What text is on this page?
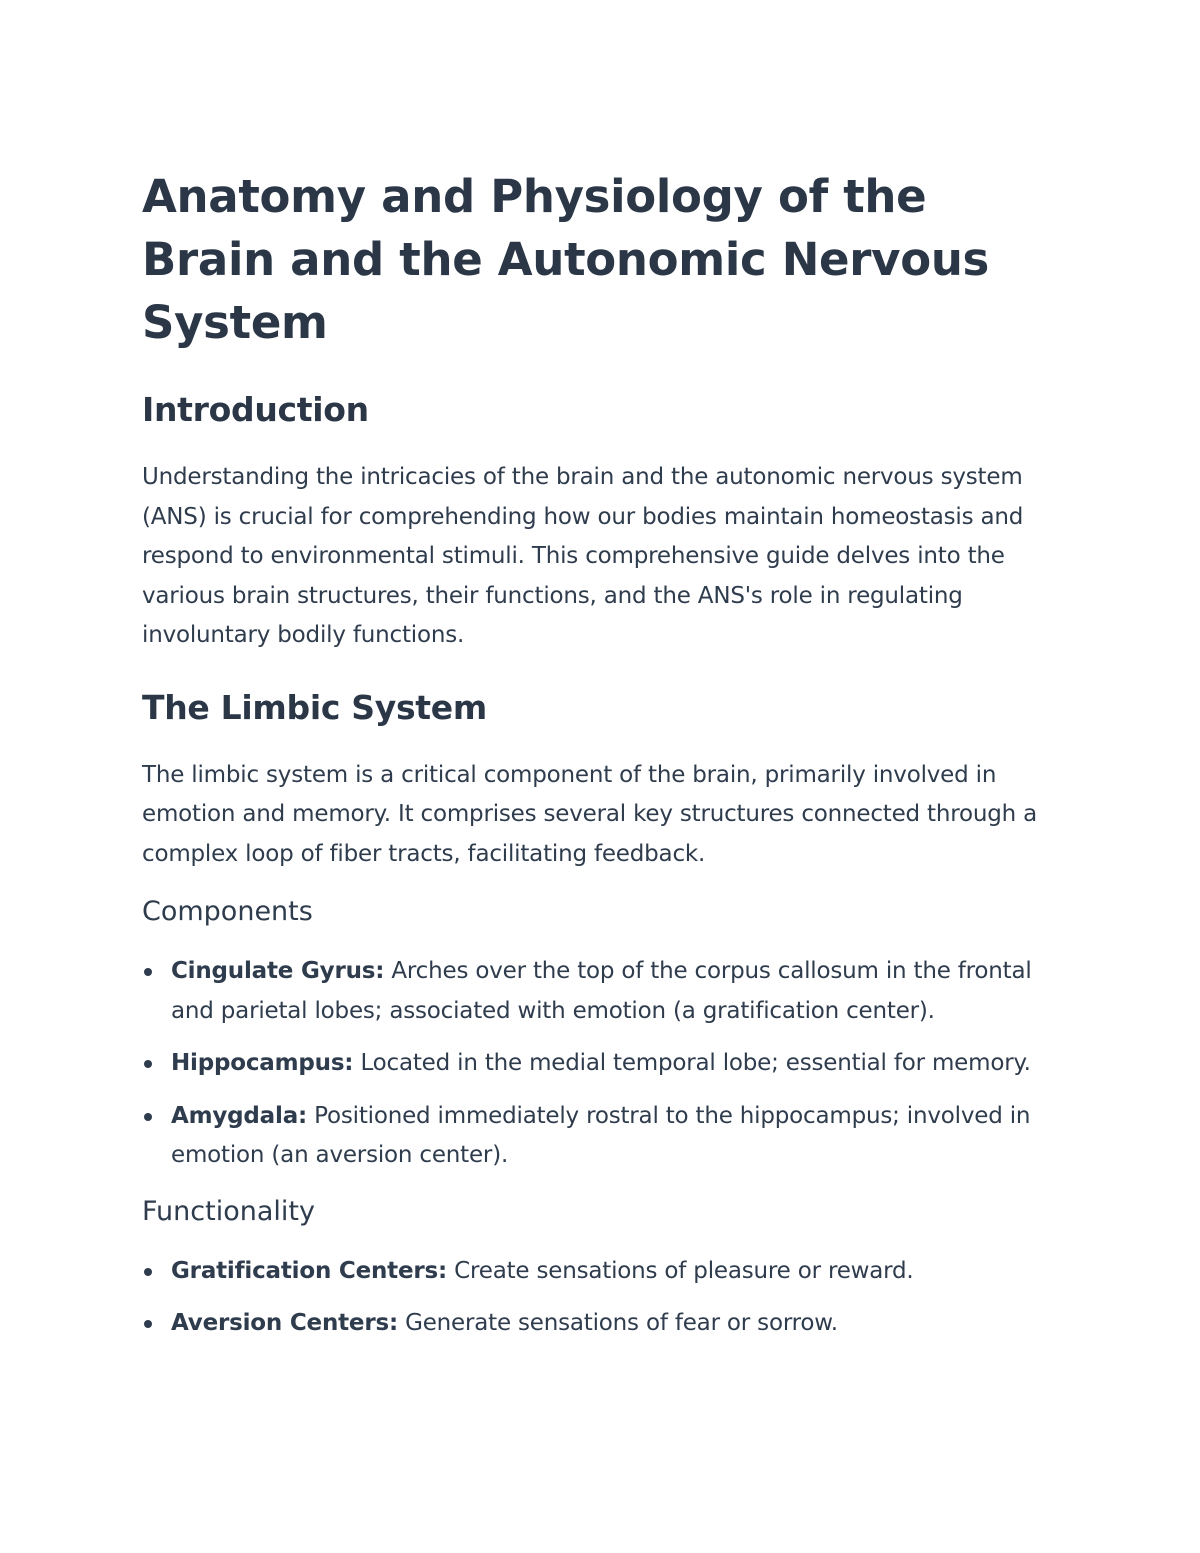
Anatomy and Physiology of the Brain and the Autonomic Nervous System
Introduction

Understanding the intricacies of the brain and the autonomic nervous system (ANS) is crucial for comprehending how our bodies maintain homeostasis and respond to environmental stimuli. This comprehensive guide delves into the various brain structures, their functions, and the ANS's role in regulating involuntary bodily functions.

The Limbic System

The limbic system is a critical component of the brain, primarily involved in emotion and memory. It comprises several key structures connected through a complex loop of fiber tracts, facilitating feedback.

Components
Cingulate Gyrus: Arches over the top of the corpus callosum in the frontal and parietal lobes; associated with emotion (a gratification center).
Hippocampus: Located in the medial temporal lobe; essential for memory.
Amygdala: Positioned immediately rostral to the hippocampus; involved in emotion (an aversion center).
Functionality
Gratification Centers: Create sensations of pleasure or reward.
Aversion Centers: Generate sensations of fear or sorrow.
